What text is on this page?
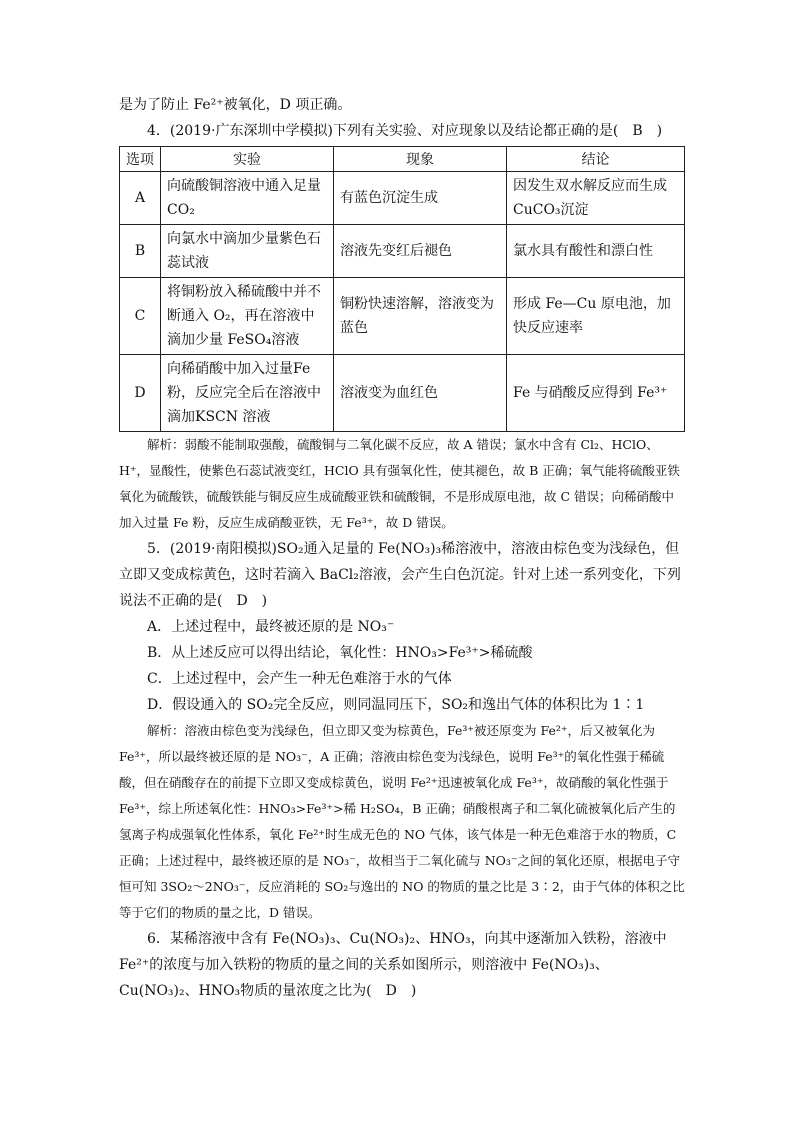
是为了防止 Fe²⁺被氧化，D 项正确。

4．(2019·广东深圳中学模拟)下列有关实验、对应现象以及结论都正确的是(　B　)

选项	实验	现象	结论
A	向硫酸铜溶液中通入足量CO₂	有蓝色沉淀生成	因发生双水解反应而生成CuCO₃沉淀
B	向氯水中滴加少量紫色石蕊试液	溶液先变红后褪色	氯水具有酸性和漂白性
C	将铜粉放入稀硫酸中并不断通入 O₂，再在溶液中滴加少量 FeSO₄溶液	铜粉快速溶解，溶液变为蓝色	形成 Fe—Cu 原电池，加快反应速率
D	向稀硝酸中加入过量Fe粉，反应完全后在溶液中滴加KSCN 溶液	溶液变为血红色	Fe 与硝酸反应得到 Fe³⁺

解析：弱酸不能制取强酸，硫酸铜与二氧化碳不反应，故 A 错误；氯水中含有 Cl₂、HClO、H⁺，显酸性，使紫色石蕊试液变红，HClO 具有强氧化性，使其褪色，故 B 正确；氧气能将硫酸亚铁氧化为硫酸铁，硫酸铁能与铜反应生成硫酸亚铁和硫酸铜，不是形成原电池，故 C 错误；向稀硝酸中加入过量 Fe 粉，反应生成硝酸亚铁，无 Fe³⁺，故 D 错误。

5．(2019·南阳模拟)SO₂通入足量的 Fe(NO₃)₃稀溶液中，溶液由棕色变为浅绿色，但立即又变成棕黄色，这时若滴入 BaCl₂溶液，会产生白色沉淀。针对上述一系列变化，下列说法不正确的是(　D　)

A．上述过程中，最终被还原的是 NO₃⁻

B．从上述反应可以得出结论，氧化性：HNO₃>Fe³⁺>稀硫酸

C．上述过程中，会产生一种无色难溶于水的气体

D．假设通入的 SO₂完全反应，则同温同压下，SO₂和逸出气体的体积比为 1∶1

解析：溶液由棕色变为浅绿色，但立即又变为棕黄色，Fe³⁺被还原变为 Fe²⁺，后又被氧化为 Fe³⁺，所以最终被还原的是 NO₃⁻，A 正确；溶液由棕色变为浅绿色，说明 Fe³⁺的氧化性强于稀硫酸，但在硝酸存在的前提下立即又变成棕黄色，说明 Fe²⁺迅速被氧化成 Fe³⁺，故硝酸的氧化性强于 Fe³⁺，综上所述氧化性：HNO₃>Fe³⁺>稀 H₂SO₄，B 正确；硝酸根离子和二氧化硫被氧化后产生的氢离子构成强氧化性体系，氧化 Fe²⁺时生成无色的 NO 气体，该气体是一种无色难溶于水的物质，C 正确；上述过程中，最终被还原的是 NO₃⁻，故相当于二氧化硫与 NO₃⁻之间的氧化还原，根据电子守恒可知 3SO₂～2NO₃⁻，反应消耗的 SO₂与逸出的 NO 的物质的量之比是 3∶2，由于气体的体积之比等于它们的物质的量之比，D 错误。

6．某稀溶液中含有 Fe(NO₃)₃、Cu(NO₃)₂、HNO₃，向其中逐渐加入铁粉，溶液中 Fe²⁺的浓度与加入铁粉的物质的量之间的关系如图所示，则溶液中 Fe(NO₃)₃、Cu(NO₃)₂、HNO₃物质的量浓度之比为(　D　)
